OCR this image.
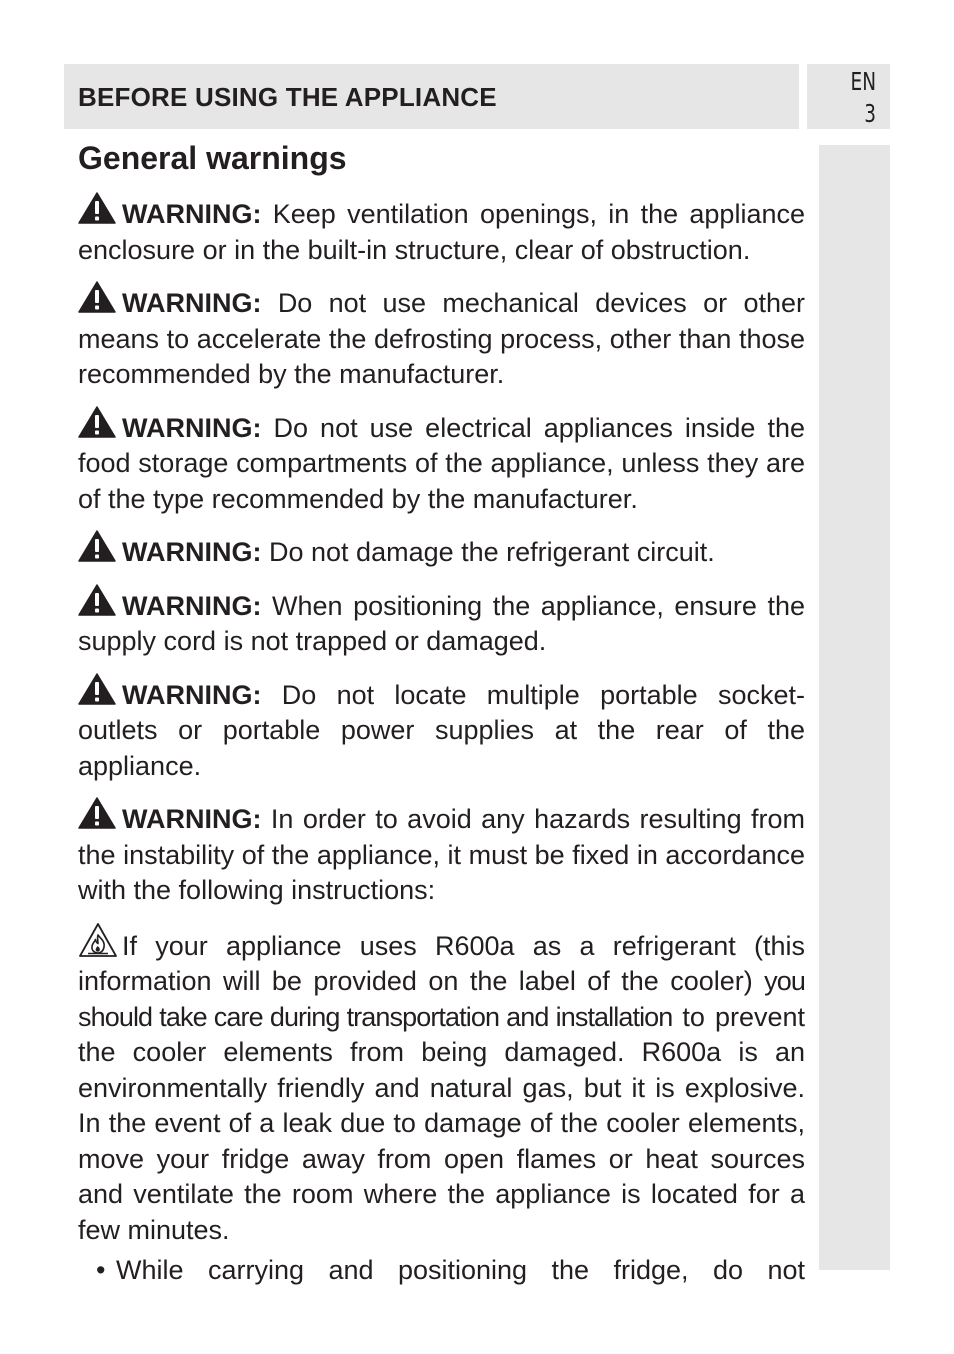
BEFORE USING THE APPLIANCE
EN
3
General warnings

WARNING: Keep ventilation openings, in the appliance enclosure or in the built-in structure, clear of obstruction.

WARNING: Do not use mechanical devices or other means to accelerate the defrosting process, other than those recommended by the manufacturer.

WARNING: Do not use electrical appliances inside the food storage compartments of the appliance, unless they are of the type recommended by the manufacturer.

WARNING: Do not damage the refrigerant circuit.

WARNING: When positioning the appliance, ensure the supply cord is not trapped or damaged.

WARNING: Do not locate multiple portable socket-outlets or portable power supplies at the rear of the appliance.

WARNING: In order to avoid any hazards resulting from the instability of the appliance, it must be fixed in accordance with the following instructions:

If your appliance uses R600a as a refrigerant (this information will be provided on the label of the cooler) you should take care during transportation and installation to prevent the cooler elements from being damaged. R600a is an environmentally friendly and natural gas, but it is explosive. In the event of a leak due to damage of the cooler elements, move your fridge away from open flames or heat sources and ventilate the room where the appliance is located for a few minutes.

• While carrying and positioning the fridge, do not
